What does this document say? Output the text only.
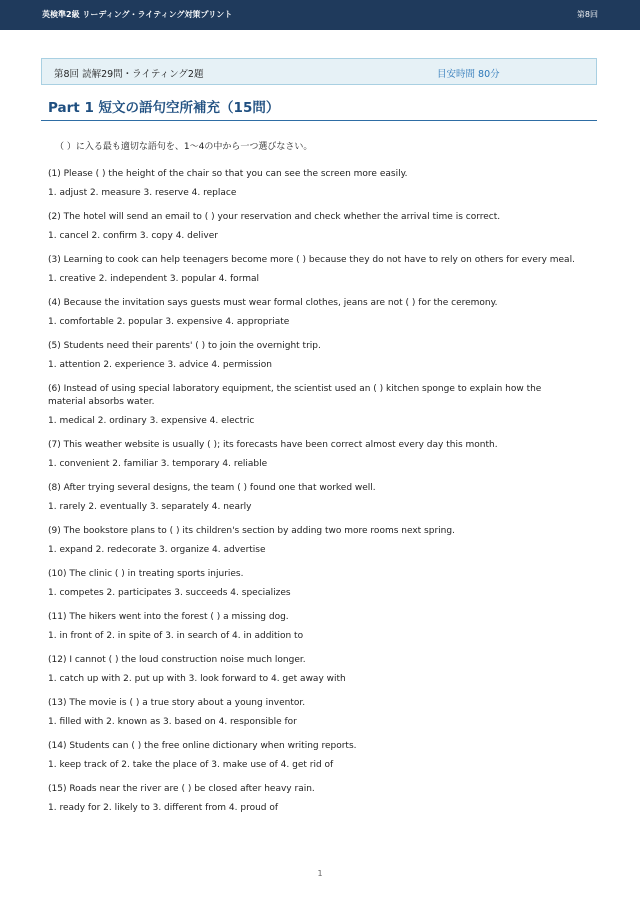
英検準2級 リーディング・ライティング対策プリント	第8回
第8回 読解29問・ライティング2題	目安時間 80分
Part 1 短文の語句空所補充（15問）
（ ）に入る最も適切な語句を、1〜4の中から一つ選びなさい。

(1) Please ( ) the height of the chair so that you can see the screen more easily.

1. adjust 2. measure 3. reserve 4. replace

(2) The hotel will send an email to ( ) your reservation and check whether the arrival time is correct.

1. cancel 2. confirm 3. copy 4. deliver

(3) Learning to cook can help teenagers become more ( ) because they do not have to rely on others for every meal.

1. creative 2. independent 3. popular 4. formal

(4) Because the invitation says guests must wear formal clothes, jeans are not ( ) for the ceremony.

1. comfortable 2. popular 3. expensive 4. appropriate

(5) Students need their parents' ( ) to join the overnight trip.

1. attention 2. experience 3. advice 4. permission

(6) Instead of using special laboratory equipment, the scientist used an ( ) kitchen sponge to explain how the material absorbs water.

1. medical 2. ordinary 3. expensive 4. electric

(7) This weather website is usually ( ); its forecasts have been correct almost every day this month.

1. convenient 2. familiar 3. temporary 4. reliable

(8) After trying several designs, the team ( ) found one that worked well.

1. rarely 2. eventually 3. separately 4. nearly

(9) The bookstore plans to ( ) its children's section by adding two more rooms next spring.

1. expand 2. redecorate 3. organize 4. advertise

(10) The clinic ( ) in treating sports injuries.

1. competes 2. participates 3. succeeds 4. specializes

(11) The hikers went into the forest ( ) a missing dog.

1. in front of 2. in spite of 3. in search of 4. in addition to

(12) I cannot ( ) the loud construction noise much longer.

1. catch up with 2. put up with 3. look forward to 4. get away with

(13) The movie is ( ) a true story about a young inventor.

1. filled with 2. known as 3. based on 4. responsible for

(14) Students can ( ) the free online dictionary when writing reports.

1. keep track of 2. take the place of 3. make use of 4. get rid of

(15) Roads near the river are ( ) be closed after heavy rain.

1. ready for 2. likely to 3. different from 4. proud of

1
